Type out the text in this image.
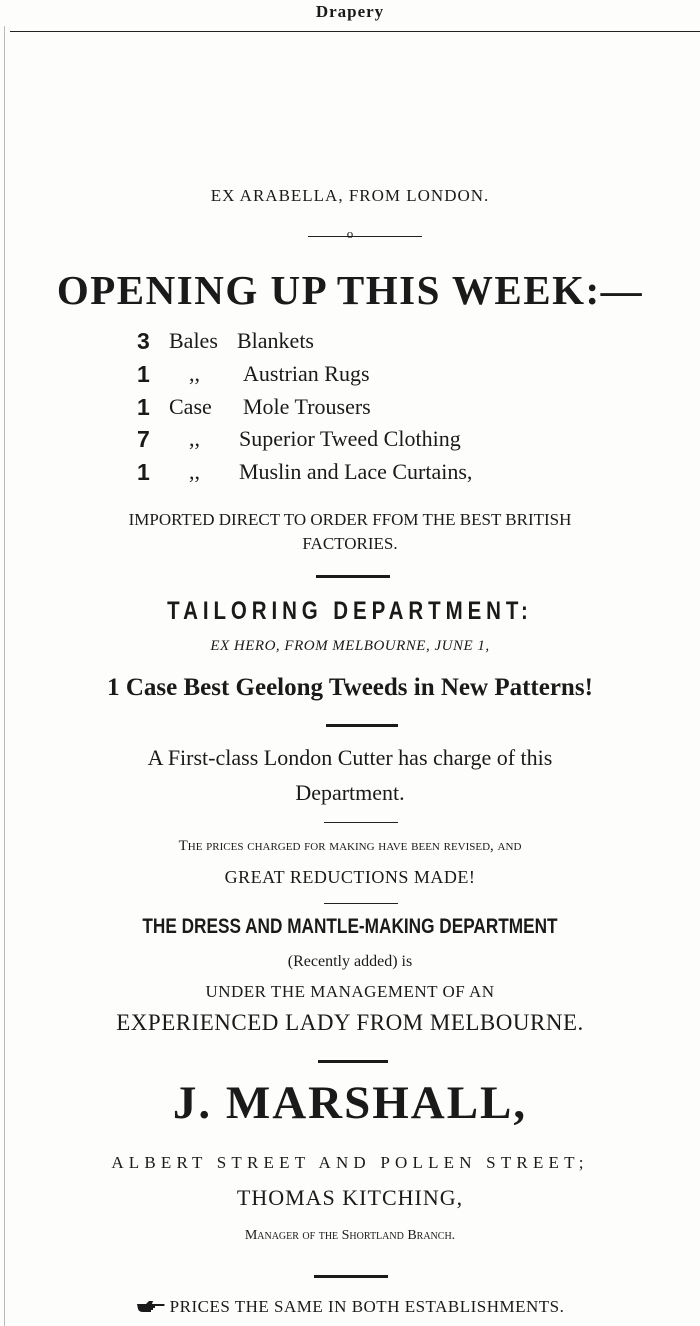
Drapery
EX ARABELLA, FROM LONDON.
o
OPENING UP THIS WEEK:—
3 Bales Blankets
1 ,, Austrian Rugs
1 Case Mole Trousers
7 ,, Superior Tweed Clothing
1 ,, Muslin and Lace Curtains,
IMPORTED DIRECT TO ORDER FFOM THE BEST BRITISH
FACTORIES.
TAILORING DEPARTMENT:
EX HERO, FROM MELBOURNE, JUNE 1,
1 Case Best Geelong Tweeds in New Patterns!
A First-class London Cutter has charge of this
Department.
The prices charged for making have been revised, and
GREAT REDUCTIONS MADE!
THE DRESS AND MANTLE-MAKING DEPARTMENT
(Recently added) is
UNDER THE MANAGEMENT OF AN
EXPERIENCED LADY FROM MELBOURNE.
J. MARSHALL,
ALBERT STREET AND POLLEN STREET;
THOMAS KITCHING,
Manager of the Shortland Branch.
PRICES THE SAME IN BOTH ESTABLISHMENTS.
